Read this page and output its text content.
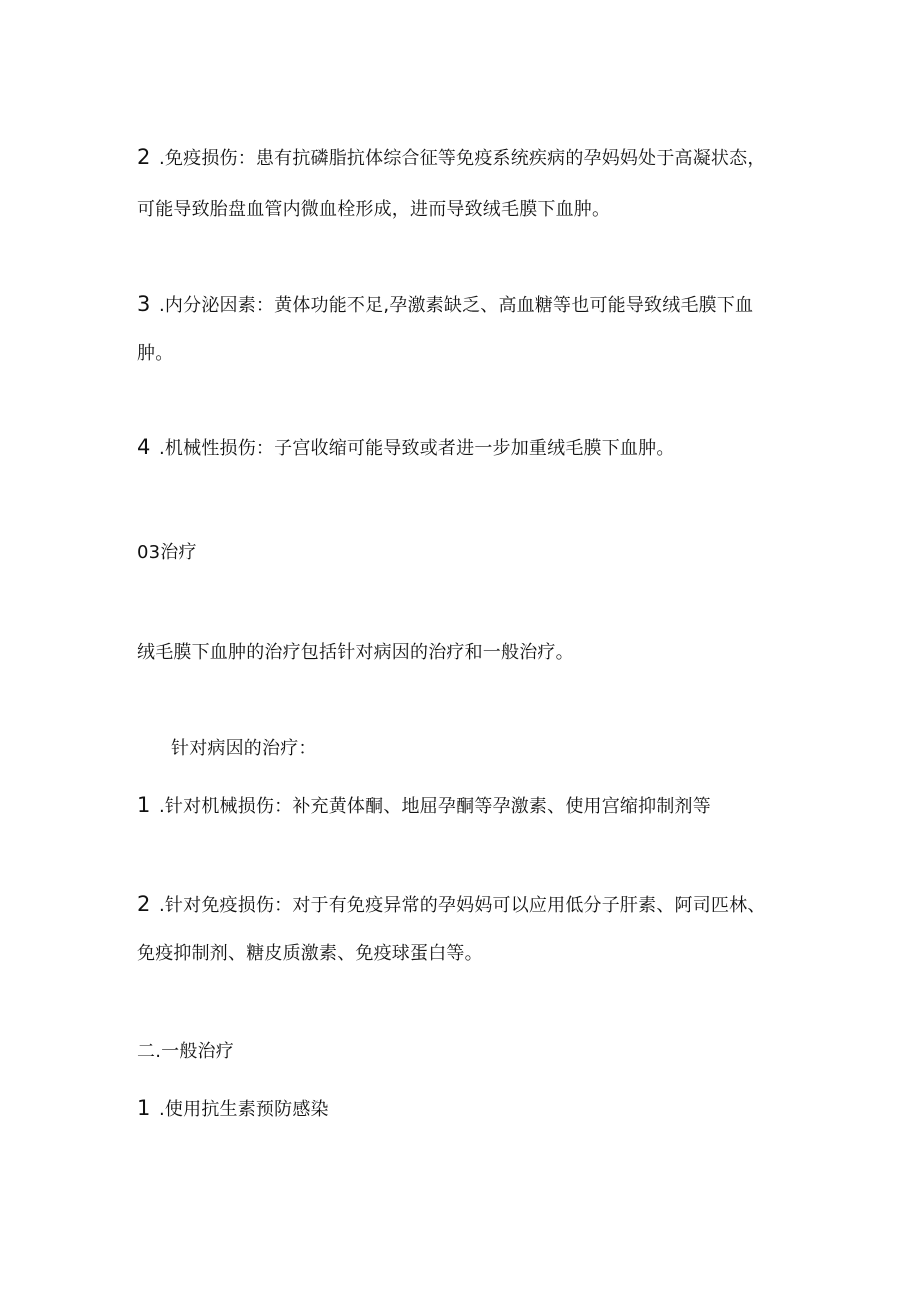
2 .免疫损伤：患有抗磷脂抗体综合征等免疫系统疾病的孕妈妈处于高凝状态，
可能导致胎盘血管内微血栓形成，进而导致绒毛膜下血肿。
3 .内分泌因素：黄体功能不足,孕激素缺乏、高血糖等也可能导致绒毛膜下血
肿。
4 .机械性损伤：子宫收缩可能导致或者进一步加重绒毛膜下血肿。
03治疗
绒毛膜下血肿的治疗包括针对病因的治疗和一般治疗。
针对病因的治疗：
1 .针对机械损伤：补充黄体酮、地屈孕酮等孕激素、使用宫缩抑制剂等
2 .针对免疫损伤：对于有免疫异常的孕妈妈可以应用低分子肝素、阿司匹林、
免疫抑制剂、糖皮质激素、免疫球蛋白等。
二.一般治疗
1 .使用抗生素预防感染
